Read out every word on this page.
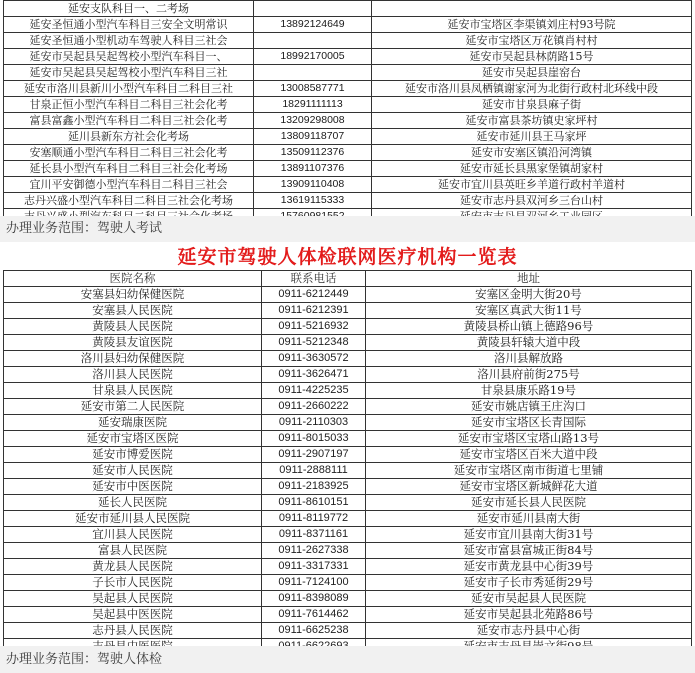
延安支队科目一、二考场		
延安圣恒通小型汽车科目三安全文明常识	13892124649	延安市宝塔区李渠镇刘庄村93号院
延安圣恒通小型机动车驾驶人科目三社会		延安市宝塔区万花镇肖村村
延安市吴起县吴起驾校小型汽车科目一、	18992170005	延安市吴起县林荫路15号
延安市吴起县吴起驾校小型汽车科目三社		延安市吴起县崖窑台
延安市洛川县新川小型汽车科目二科目三社	13008587771	延安市洛川县凤栖镇谢家河为北街行政村北环线中段
甘泉正恒小型汽车科目二科目三社会化考	18291111113	延安市甘泉县麻子街
富县富鑫小型汽车科目二科目三社会化考	13209298008	延安市富县茶坊镇史家坪村
延川县新东方社会化考场	13809118707	延安市延川县王马家坪
安塞顺通小型汽车科目二科目三社会化考	13509112376	延安市安塞区镇沿河湾镇
延长县小型汽车科目二科目三社会化考场	13891107376	延安市延长县黑家堡镇胡家村
宜川平安御德小型汽车科目二科目三社会	13909110408	延安市宜川县英旺乡羊道行政村羊道村
志丹兴盛小型汽车科目二科目三社会化考场	13619115333	延安市志丹县双河乡三台山村

办理业务范围：驾驶人考试
延安市驾驶人体检联网医疗机构一览表
医院名称	联系电话	地址
安塞县妇幼保健医院	0911-6212449	安塞区金明大街20号
安塞县人民医院	0911-6212391	安塞区真武大街11号
黄陵县人民医院	0911-5216932	黄陵县桥山镇上德路96号
黄陵县友谊医院	0911-5212348	黄陵县轩辕大道中段
洛川县妇幼保健医院	0911-3630572	洛川县解放路
洛川县人民医院	0911-3626471	洛川县府前街275号
甘泉县人民医院	0911-4225235	甘泉县康乐路19号
延安市第二人民医院	0911-2660222	延安市姚店镇王庄沟口
延安瑞康医院	0911-2110303	延安市宝塔区长青国际
延安市宝塔区医院	0911-8015033	延安市宝塔区宝塔山路13号
延安市博爱医院	0911-2907197	延安市宝塔区百米大道中段
延安市人民医院	0911-2888111	延安市宝塔区南市街道七里铺
延安市中医医院	0911-2183925	延安市宝塔区新城鲜花大道
延长人民医院	0911-8610151	延安市延长县人民医院
延安市延川县人民医院	0911-8119772	延安市延川县南大街
宜川县人民医院	0911-8371161	延安市宜川县南大街31号
富县人民医院	0911-2627338	延安市富县富城正街84号
黄龙县人民医院	0911-3317331	延安市黄龙县中心街39号
子长市人民医院	0911-7124100	延安市子长市秀延街29号
吴起县人民医院	0911-8398089	延安市吴起县人民医院
吴起县中医医院	0911-7614462	延安市吴起县北苑路86号
志丹县人民医院	0911-6625238	延安市志丹县中心街

办理业务范围：驾驶人体检
